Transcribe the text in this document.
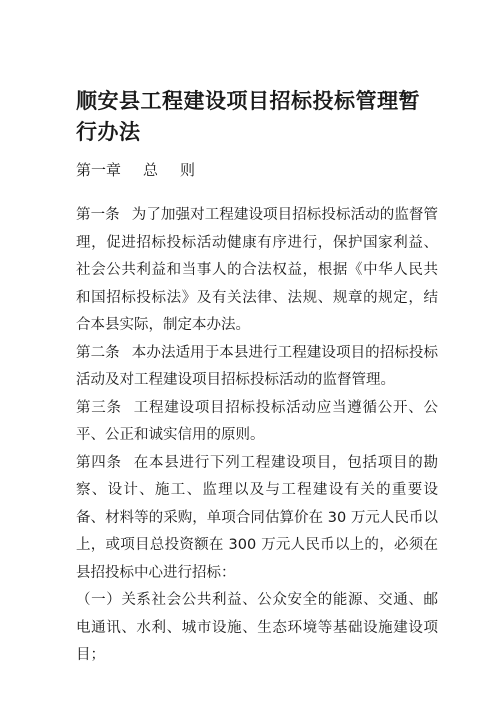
顺安县工程建设项目招标投标管理暂行办法
第一章 总 则

第一条 为了加强对工程建设项目招标投标活动的监督管理，促进招标投标活动健康有序进行，保护国家利益、社会公共利益和当事人的合法权益，根据《中华人民共和国招标投标法》及有关法律、法规、规章的规定，结合本县实际，制定本办法。

第二条 本办法适用于本县进行工程建设项目的招标投标活动及对工程建设项目招标投标活动的监督管理。

第三条 工程建设项目招标投标活动应当遵循公开、公平、公正和诚实信用的原则。

第四条 在本县进行下列工程建设项目，包括项目的勘察、设计、施工、监理以及与工程建设有关的重要设备、材料等的采购，单项合同估算价在 30 万元人民币以上，或项目总投资额在 300 万元人民币以上的，必须在县招投标中心进行招标：

（一）关系社会公共利益、公众安全的能源、交通、邮电通讯、水利、城市设施、生态环境等基础设施建设项目；
